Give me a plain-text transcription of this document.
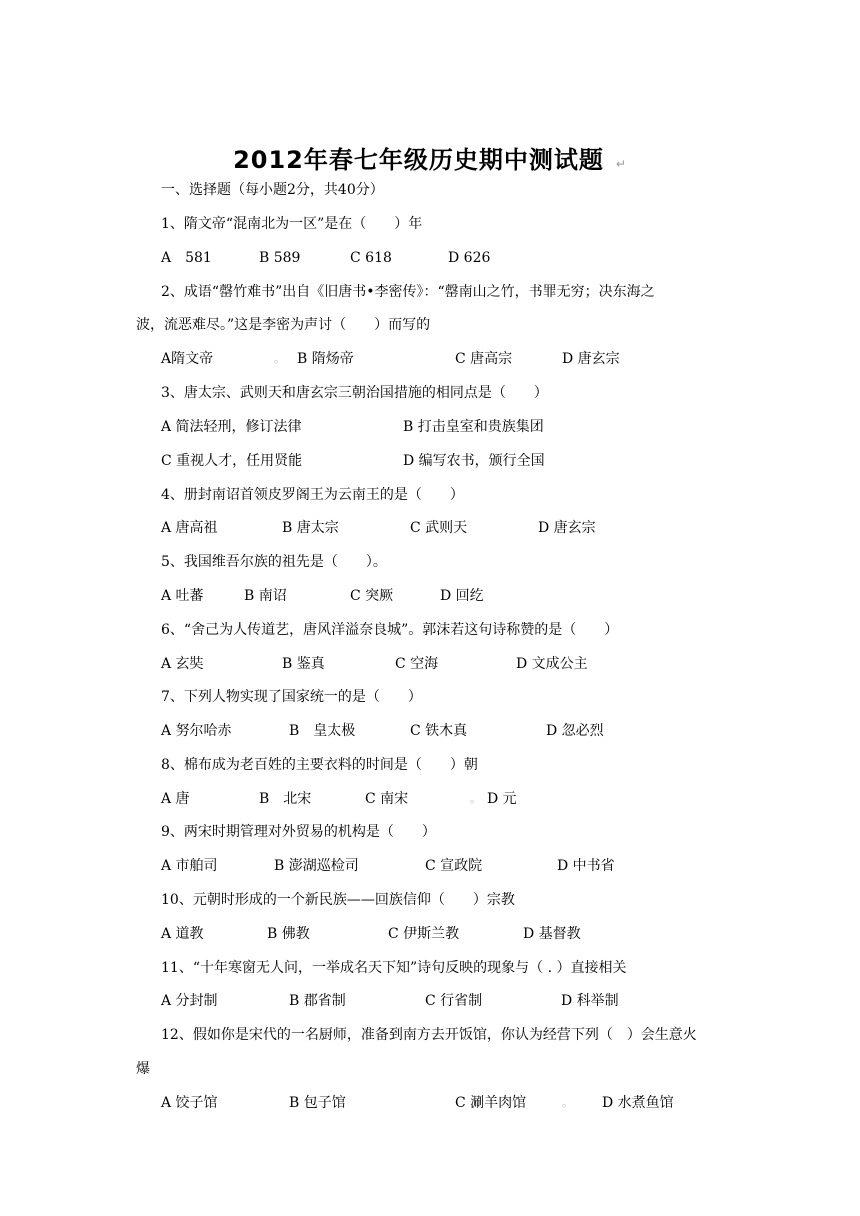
2012年春七年级历史期中测试题 ↵
一、选择题（每小题2分，共40分）
1、隋文帝“混南北为一区”是在（　　）年
A　581	B 589	C 618	D 626
2、成语“罄竹难书”出自《旧唐书•李密传》：“罄南山之竹，书罪无穷；决东海之
波，流恶难尽。”这是李密为声讨（　　）而写的
A隋文帝	。 B 隋炀帝	C 唐高宗	D 唐玄宗
3、唐太宗、武则天和唐玄宗三朝治国措施的相同点是（　　）
A 简法轻刑，修订法律	B 打击皇室和贵族集团
C 重视人才，任用贤能	D 编写农书，颁行全国
4、册封南诏首领皮罗阁王为云南王的是（　　）
A 唐高祖	B 唐太宗	C 武则天	D 唐玄宗
5、我国维吾尔族的祖先是（　　）。
A 吐蕃	B 南诏	C 突厥	D 回纥
6、“舍己为人传道艺，唐风洋溢奈良城”。郭沫若这句诗称赞的是（　　）
A 玄奘	B 鉴真	C 空海	D 文成公主
7、下列人物实现了国家统一的是（　　）
A 努尔哈赤	B　皇太极	C 铁木真	D 忽必烈
8、棉布成为老百姓的主要衣料的时间是（　　）朝
A 唐	B　北宋	C 南宋	。 D 元
9、两宋时期管理对外贸易的机构是（　　）
A 市舶司	B 澎湖巡检司	C 宣政院	D 中书省
10、元朝时形成的一个新民族——回族信仰（　　）宗教
A 道教	B 佛教	C 伊斯兰教	D 基督教
11、“十年寒窗无人问，一举成名天下知”诗句反映的现象与（ . ）直接相关
A 分封制	B 郡省制	C 行省制	D 科举制
12、假如你是宋代的一名厨师，准备到南方去开饭馆，你认为经营下列（　）会生意火
爆
A 饺子馆	B 包子馆	C 涮羊肉馆	。 D 水煮鱼馆
